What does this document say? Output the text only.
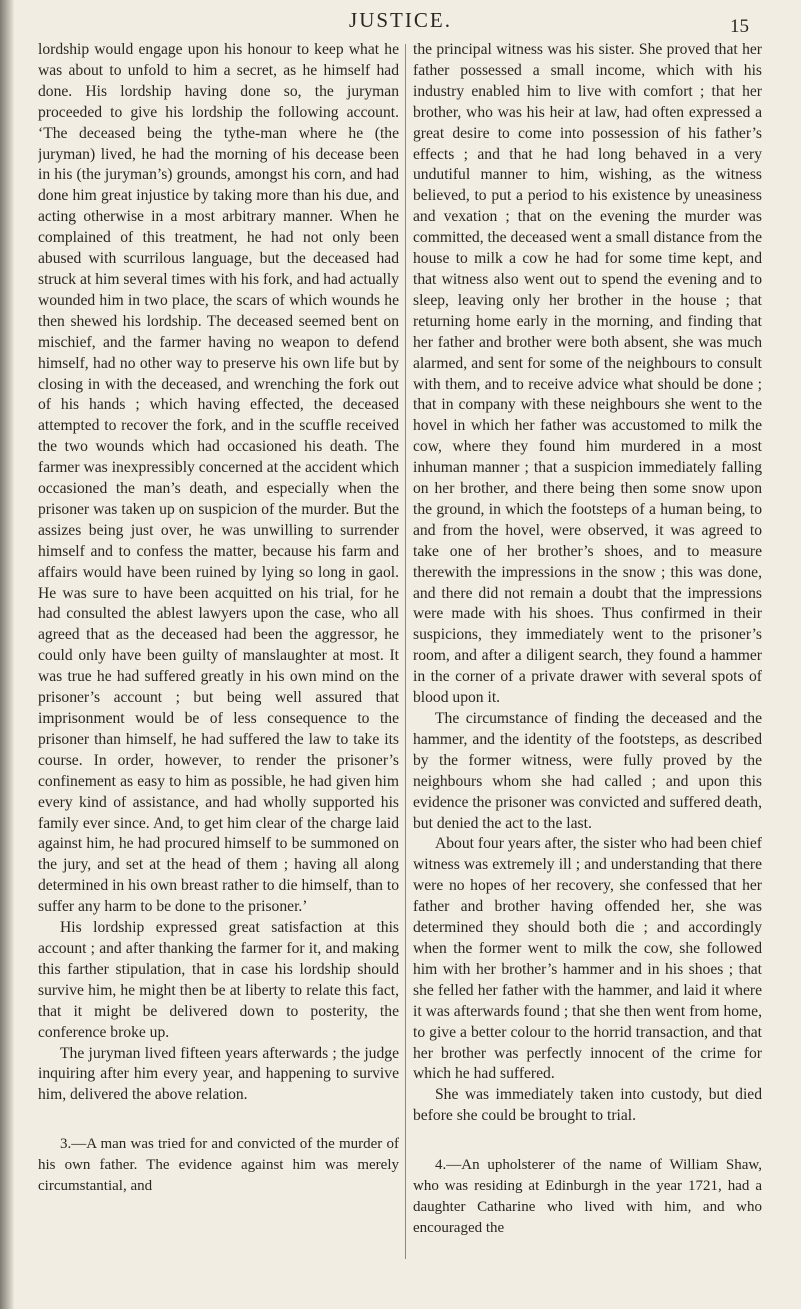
JUSTICE.	15

lordship would engage upon his honour to keep what he was about to unfold to him a secret, as he himself had done. His lordship having done so, the juryman proceeded to give his lordship the following account. ‘The deceased being the tythe-man where he (the juryman) lived, he had the morning of his decease been in his (the juryman’s) grounds, amongst his corn, and had done him great injustice by taking more than his due, and acting otherwise in a most arbitrary manner. When he complained of this treatment, he had not only been abused with scurrilous language, but the deceased had struck at him several times with his fork, and had actually wounded him in two place, the scars of which wounds he then shewed his lordship. The deceased seemed bent on mischief, and the farmer having no weapon to defend himself, had no other way to preserve his own life but by closing in with the deceased, and wrenching the fork out of his hands ; which having effected, the deceased attempted to recover the fork, and in the scuffle received the two wounds which had occasioned his death. The farmer was inexpressibly concerned at the accident which occasioned the man’s death, and especially when the prisoner was taken up on suspicion of the murder. But the assizes being just over, he was unwilling to surrender himself and to confess the matter, because his farm and affairs would have been ruined by lying so long in gaol. He was sure to have been acquitted on his trial, for he had consulted the ablest lawyers upon the case, who all agreed that as the deceased had been the aggressor, he could only have been guilty of manslaughter at most. It was true he had suffered greatly in his own mind on the prisoner’s account ; but being well assured that imprisonment would be of less consequence to the prisoner than himself, he had suffered the law to take its course. In order, however, to render the prisoner’s confinement as easy to him as possible, he had given him every kind of assistance, and had wholly supported his family ever since. And, to get him clear of the charge laid against him, he had procured himself to be summoned on the jury, and set at the head of them ; having all along determined in his own breast rather to die himself, than to suffer any harm to be done to the prisoner.’

His lordship expressed great satisfaction at this account ; and after thanking the farmer for it, and making this farther stipulation, that in case his lordship should survive him, he might then be at liberty to relate this fact, that it might be delivered down to posterity, the conference broke up.

The juryman lived fifteen years afterwards ; the judge inquiring after him every year, and happening to survive him, delivered the above relation.

3.—A man was tried for and convicted of the murder of his own father. The evidence against him was merely circumstantial, and

the principal witness was his sister. She proved that her father possessed a small income, which with his industry enabled him to live with comfort ; that her brother, who was his heir at law, had often expressed a great desire to come into possession of his father’s effects ; and that he had long behaved in a very undutiful manner to him, wishing, as the witness believed, to put a period to his existence by uneasiness and vexation ; that on the evening the murder was committed, the deceased went a small distance from the house to milk a cow he had for some time kept, and that witness also went out to spend the evening and to sleep, leaving only her brother in the house ; that returning home early in the morning, and finding that her father and brother were both absent, she was much alarmed, and sent for some of the neighbours to consult with them, and to receive advice what should be done ; that in company with these neighbours she went to the hovel in which her father was accustomed to milk the cow, where they found him murdered in a most inhuman manner ; that a suspicion immediately falling on her brother, and there being then some snow upon the ground, in which the footsteps of a human being, to and from the hovel, were observed, it was agreed to take one of her brother’s shoes, and to measure therewith the impressions in the snow ; this was done, and there did not remain a doubt that the impressions were made with his shoes. Thus confirmed in their suspicions, they immediately went to the prisoner’s room, and after a diligent search, they found a hammer in the corner of a private drawer with several spots of blood upon it.

The circumstance of finding the deceased and the hammer, and the identity of the footsteps, as described by the former witness, were fully proved by the neighbours whom she had called ; and upon this evidence the prisoner was convicted and suffered death, but denied the act to the last.

About four years after, the sister who had been chief witness was extremely ill ; and understanding that there were no hopes of her recovery, she confessed that her father and brother having offended her, she was determined they should both die ; and accordingly when the former went to milk the cow, she followed him with her brother’s hammer and in his shoes ; that she felled her father with the hammer, and laid it where it was afterwards found ; that she then went from home, to give a better colour to the horrid transaction, and that her brother was perfectly innocent of the crime for which he had suffered.

She was immediately taken into custody, but died before she could be brought to trial.

4.—An upholsterer of the name of William Shaw, who was residing at Edinburgh in the year 1721, had a daughter Catharine who lived with him, and who encouraged the
